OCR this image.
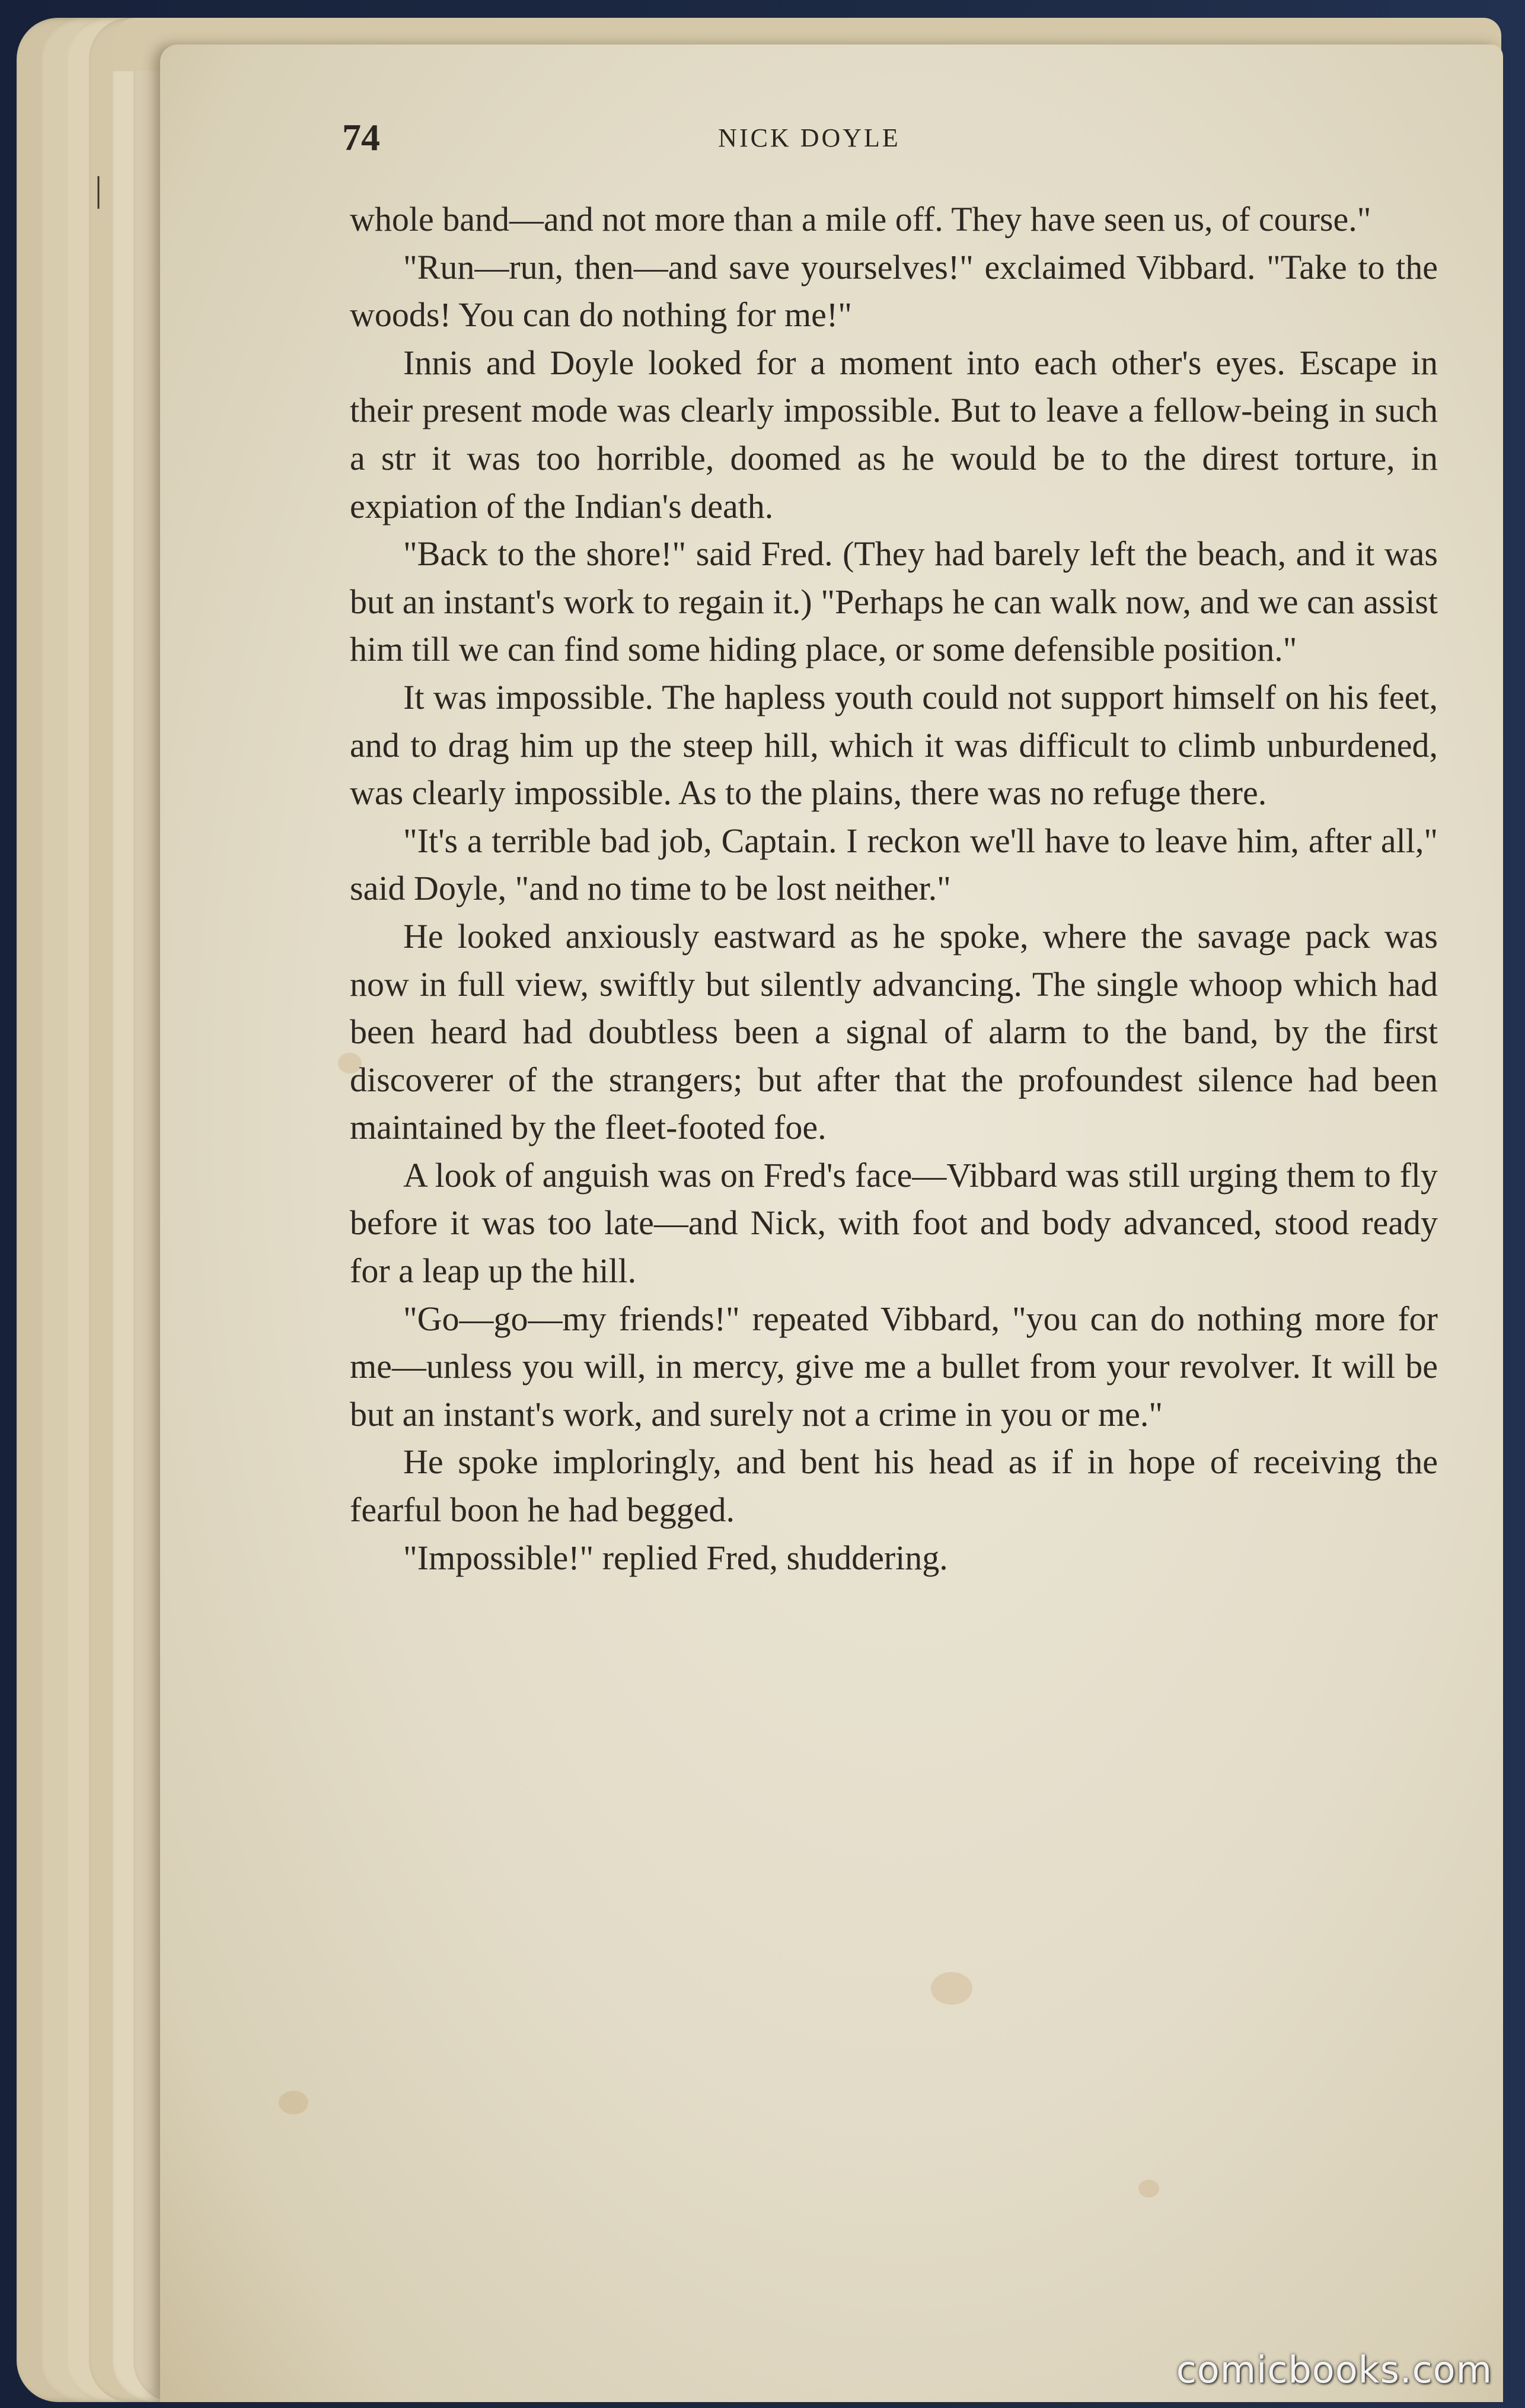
|
74	NICK DOYLE

whole band—and not more than a mile off. They have seen us, of course."

"Run—run, then—and save yourselves!" exclaimed Vibbard. "Take to the woods! You can do nothing for me!"

Innis and Doyle looked for a moment into each other's eyes. Escape in their present mode was clearly impossible. But to leave a fellow-being in such a str it was too horrible, doomed as he would be to the direst torture, in expiation of the Indian's death.

"Back to the shore!" said Fred. (They had barely left the beach, and it was but an instant's work to regain it.) "Perhaps he can walk now, and we can assist him till we can find some hiding place, or some defensible position."

It was impossible. The hapless youth could not support himself on his feet, and to drag him up the steep hill, which it was difficult to climb unburdened, was clearly impossible. As to the plains, there was no refuge there.

"It's a terrible bad job, Captain. I reckon we'll have to leave him, after all," said Doyle, "and no time to be lost neither."

He looked anxiously eastward as he spoke, where the savage pack was now in full view, swiftly but silently advancing. The single whoop which had been heard had doubtless been a signal of alarm to the band, by the first discoverer of the strangers; but after that the profoundest silence had been maintained by the fleet-footed foe.

A look of anguish was on Fred's face—Vibbard was still urging them to fly before it was too late—and Nick, with foot and body advanced, stood ready for a leap up the hill.

"Go—go—my friends!" repeated Vibbard, "you can do nothing more for me—unless you will, in mercy, give me a bullet from your revolver. It will be but an instant's work, and surely not a crime in you or me."

He spoke imploringly, and bent his head as if in hope of receiving the fearful boon he had begged.

"Impossible!" replied Fred, shuddering.

comicbooks.com
